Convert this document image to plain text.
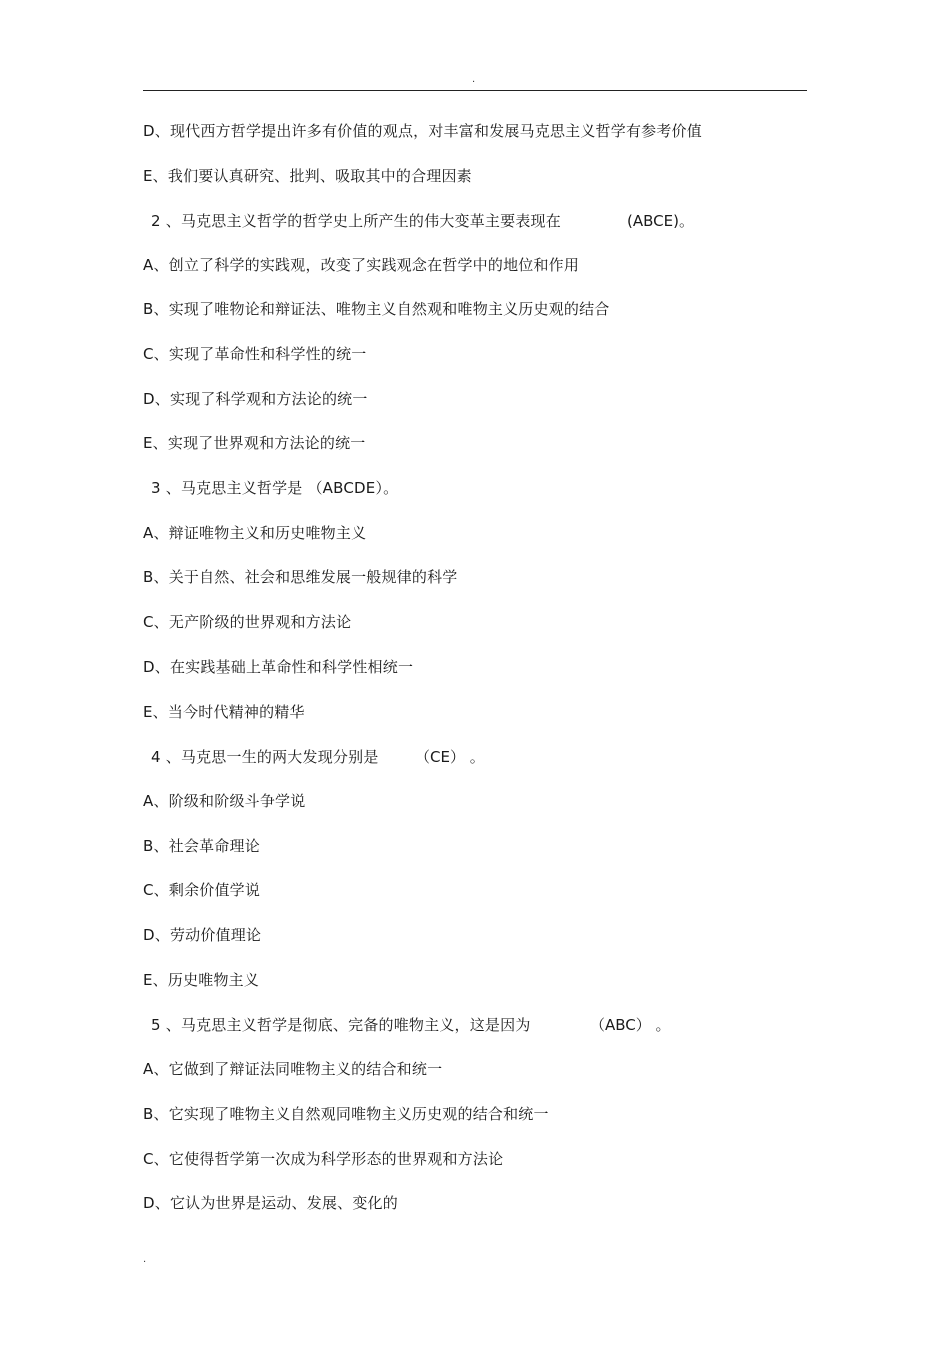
.
D、现代西方哲学提出许多有价值的观点，对丰富和发展马克思主义哲学有参考价值
E、我们要认真研究、批判、吸取其中的合理因素
2 、马克思主义哲学的哲学史上所产生的伟大变革主要表现在	(ABCE)。
A、创立了科学的实践观，改变了实践观念在哲学中的地位和作用
B、实现了唯物论和辩证法、唯物主义自然观和唯物主义历史观的结合
C、实现了革命性和科学性的统一
D、实现了科学观和方法论的统一
E、实现了世界观和方法论的统一
3 、马克思主义哲学是 （ABCDE）。
A、辩证唯物主义和历史唯物主义
B、关于自然、社会和思维发展一般规律的科学
C、无产阶级的世界观和方法论
D、在实践基础上革命性和科学性相统一
E、当今时代精神的精华
4 、马克思一生的两大发现分别是 （CE） 。
A、阶级和阶级斗争学说
B、社会革命理论
C、剩余价值学说
D、劳动价值理论
E、历史唯物主义
5 、马克思主义哲学是彻底、完备的唯物主义，这是因为	（ABC） 。
A、它做到了辩证法同唯物主义的结合和统一
B、它实现了唯物主义自然观同唯物主义历史观的结合和统一
C、它使得哲学第一次成为科学形态的世界观和方法论
D、它认为世界是运动、发展、变化的
.
